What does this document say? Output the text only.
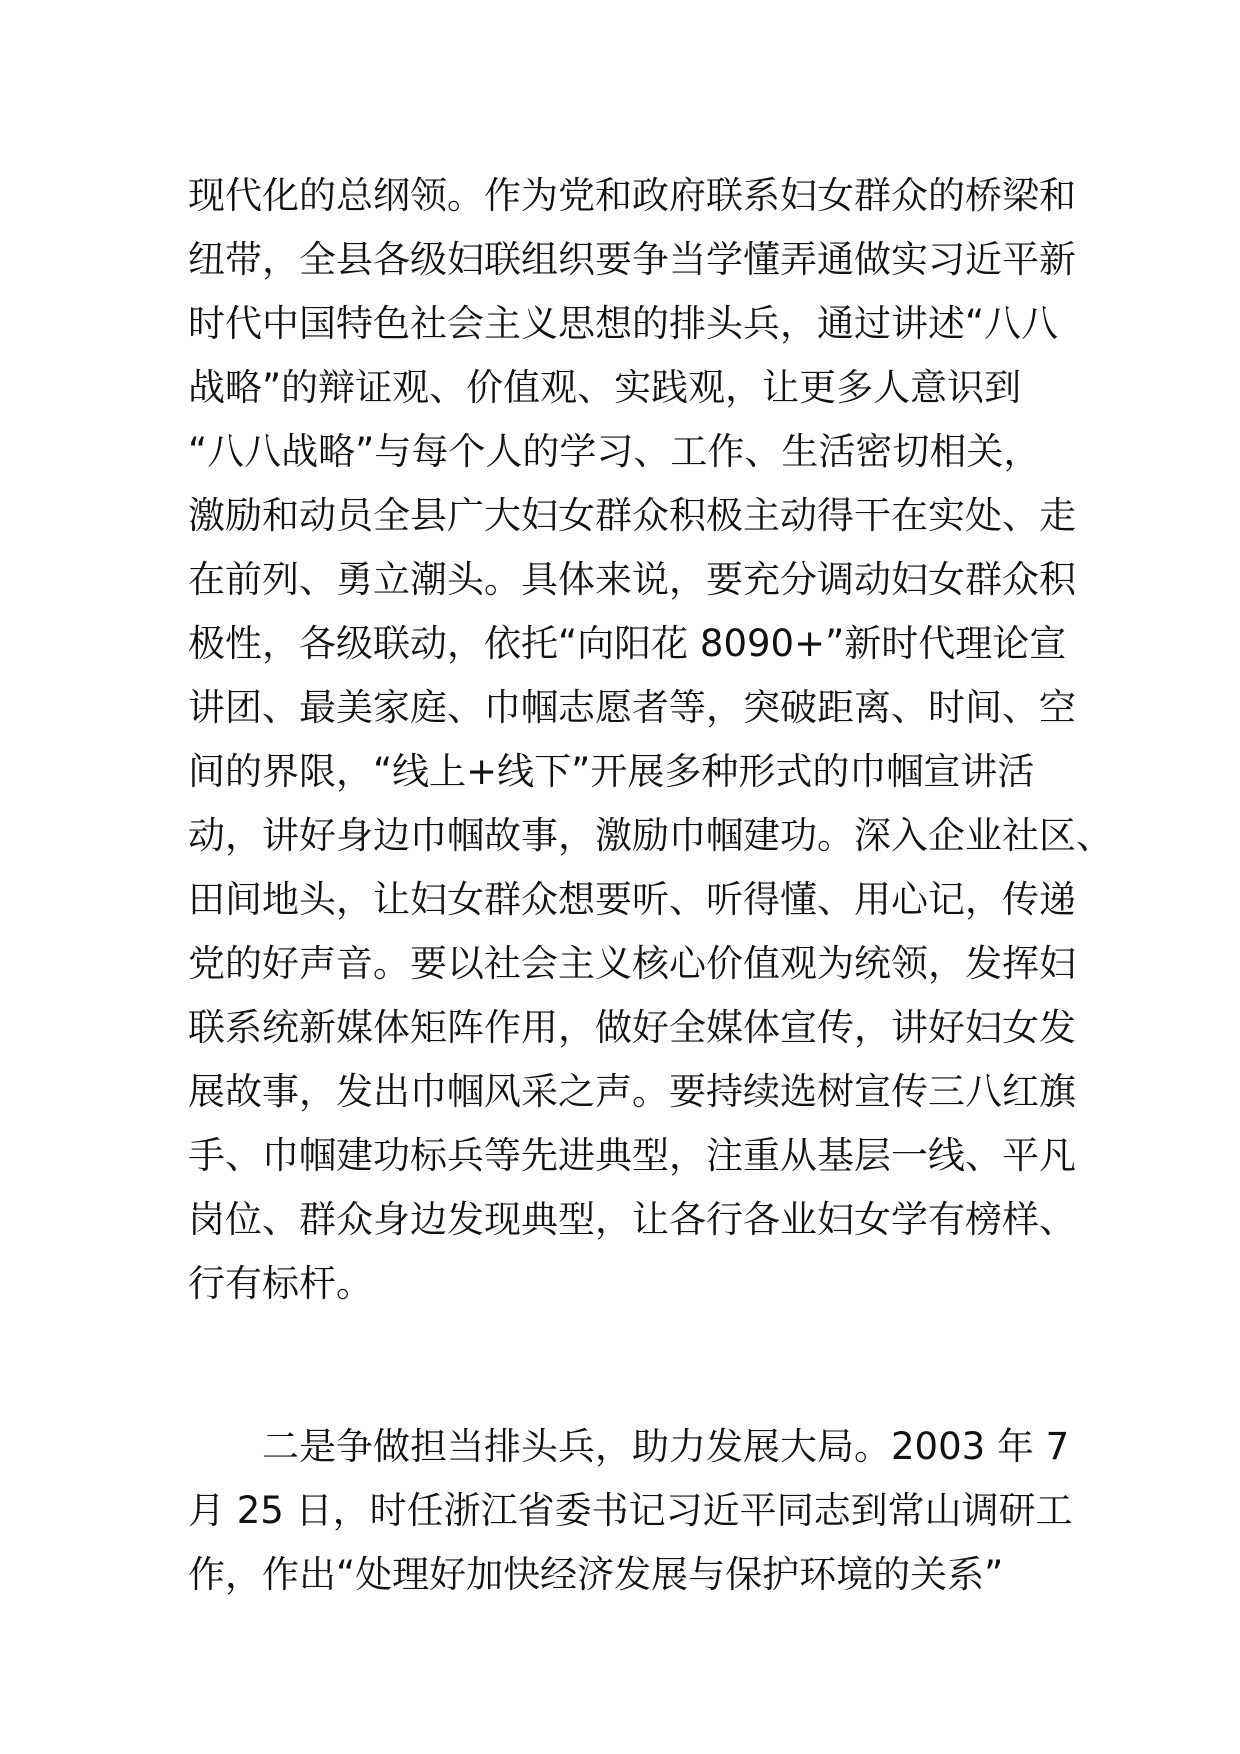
现代化的总纲领。作为党和政府联系妇女群众的桥梁和
纽带，全县各级妇联组织要争当学懂弄通做实习近平新
时代中国特色社会主义思想的排头兵，通过讲述“八八
战略”的辩证观、价值观、实践观，让更多人意识到
“八八战略”与每个人的学习、工作、生活密切相关，
激励和动员全县广大妇女群众积极主动得干在实处、走
在前列、勇立潮头。具体来说，要充分调动妇女群众积
极性，各级联动，依托“向阳花 8090+”新时代理论宣
讲团、最美家庭、巾帼志愿者等，突破距离、时间、空
间的界限，“线上+线下”开展多种形式的巾帼宣讲活
动，讲好身边巾帼故事，激励巾帼建功。深入企业社区、
田间地头，让妇女群众想要听、听得懂、用心记，传递
党的好声音。要以社会主义核心价值观为统领，发挥妇
联系统新媒体矩阵作用，做好全媒体宣传，讲好妇女发
展故事，发出巾帼风采之声。要持续选树宣传三八红旗
手、巾帼建功标兵等先进典型，注重从基层一线、平凡
岗位、群众身边发现典型，让各行各业妇女学有榜样、
行有标杆。
　　二是争做担当排头兵，助力发展大局。2003 年 7
月 25 日，时任浙江省委书记习近平同志到常山调研工
作，作出“处理好加快经济发展与保护环境的关系”
